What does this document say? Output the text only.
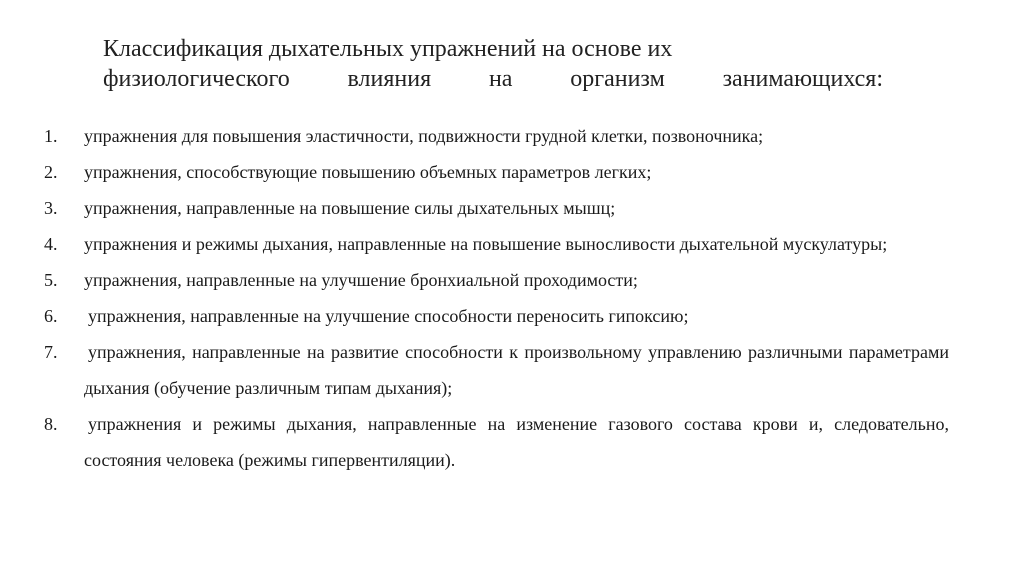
Классификация дыхательных упражнений на основе их
физиологического влияния на организм занимающихся:
1. упражнения для повышения эластичности, подвижности грудной клетки, позвоночника;
2. упражнения, способствующие повышению объемных параметров легких;
3. упражнения, направленные на повышение силы дыхательных мышц;
4. упражнения и режимы дыхания, направленные на повышение выносливости дыхательной мускулатуры;
5. упражнения, направленные на улучшение бронхиальной проходимости;
6. упражнения, направленные на улучшение способности переносить гипоксию;
7. упражнения, направленные на развитие способности к произвольному управлению различными параметрами дыхания (обучение различным типам дыхания);
8. упражнения и режимы дыхания, направленные на изменение газового состава крови и, следовательно, состояния человека (режимы гипервентиляции).
